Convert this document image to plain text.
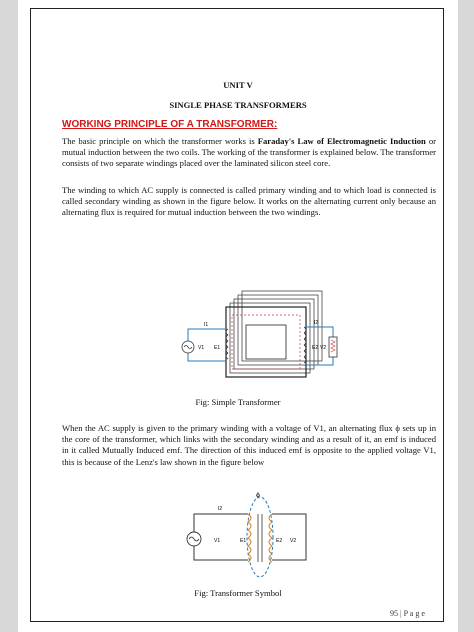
UNIT V
SINGLE PHASE TRANSFORMERS
WORKING PRINCIPLE OF A TRANSFORMER:
The basic principle on which the transformer works is Faraday's Law of Electromagnetic Induction or mutual induction between the two coils. The working of the transformer is explained below. The transformer consists of two separate windings placed over the laminated silicon steel core.
The winding to which AC supply is connected is called primary winding and to which load is connected is called secondary winding as shown in the figure below. It works on the alternating current only because an alternating flux is required for mutual induction between the two windings.
I1
V1 E1
I2
E2 V2
Fig: Simple Transformer
When the AC supply is given to the primary winding with a voltage of V1, an alternating flux ϕ sets up in the core of the transformer, which links with the secondary winding and as a result of it, an emf is induced in it called Mutually Induced emf. The direction of this induced emf is opposite to the applied voltage V1, this is because of the Lenz's law shown in the figure below
ϕ
I2
V1	E1	E2 V2
Fig: Transformer Symbol
95 | P a g e
